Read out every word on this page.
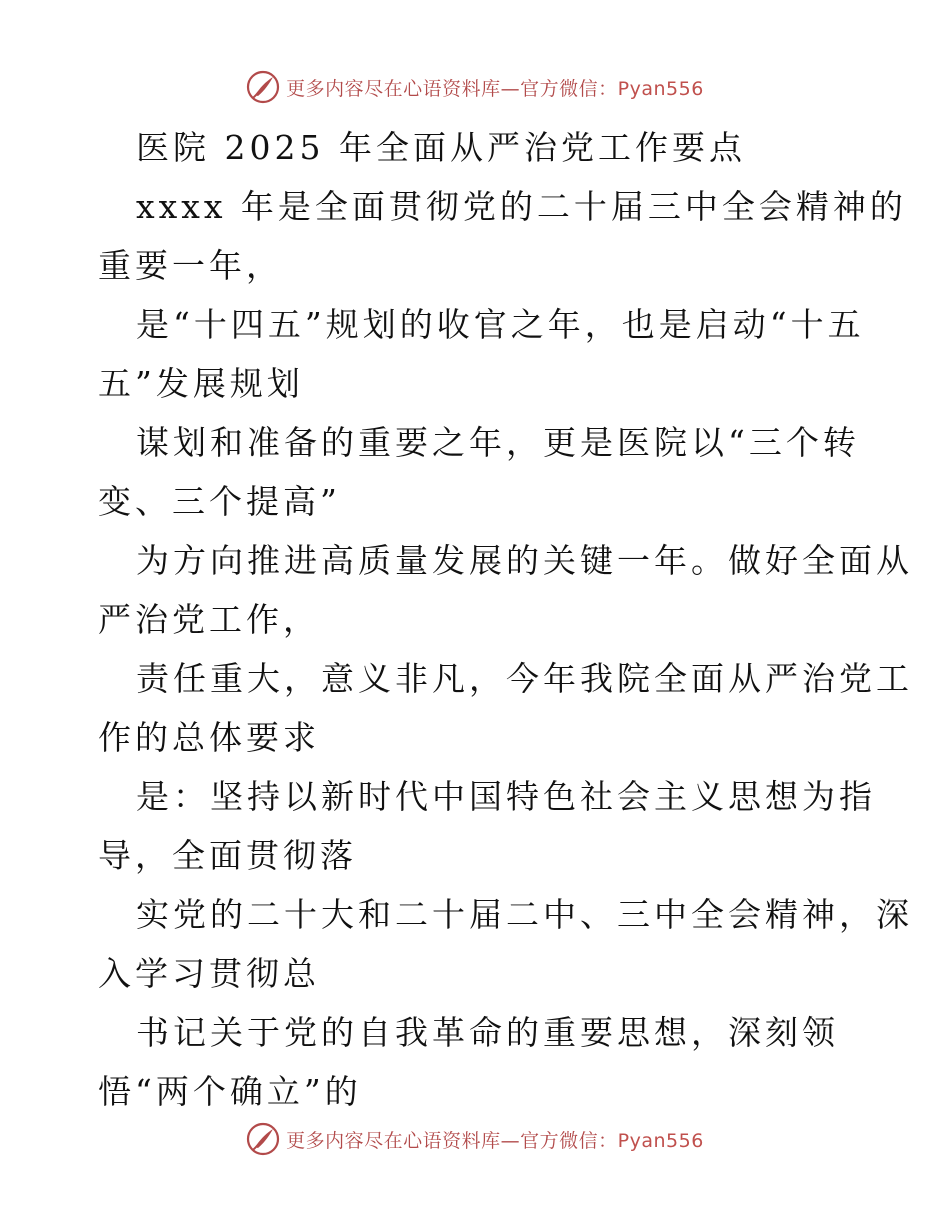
更多内容尽在心语资料库—官方微信：Pyan556
医院 2025 年全面从严治党工作要点
xxxx 年是全面贯彻党的二十届三中全会精神的
重要一年，
是“十四五”规划的收官之年，也是启动“十五
五”发展规划
谋划和准备的重要之年，更是医院以“三个转
变、三个提高”
为方向推进高质量发展的关键一年。做好全面从
严治党工作，
责任重大，意义非凡，今年我院全面从严治党工
作的总体要求
是：坚持以新时代中国特色社会主义思想为指
导，全面贯彻落
实党的二十大和二十届二中、三中全会精神，深
入学习贯彻总
书记关于党的自我革命的重要思想，深刻领
悟“两个确立”的
更多内容尽在心语资料库—官方微信：Pyan556
